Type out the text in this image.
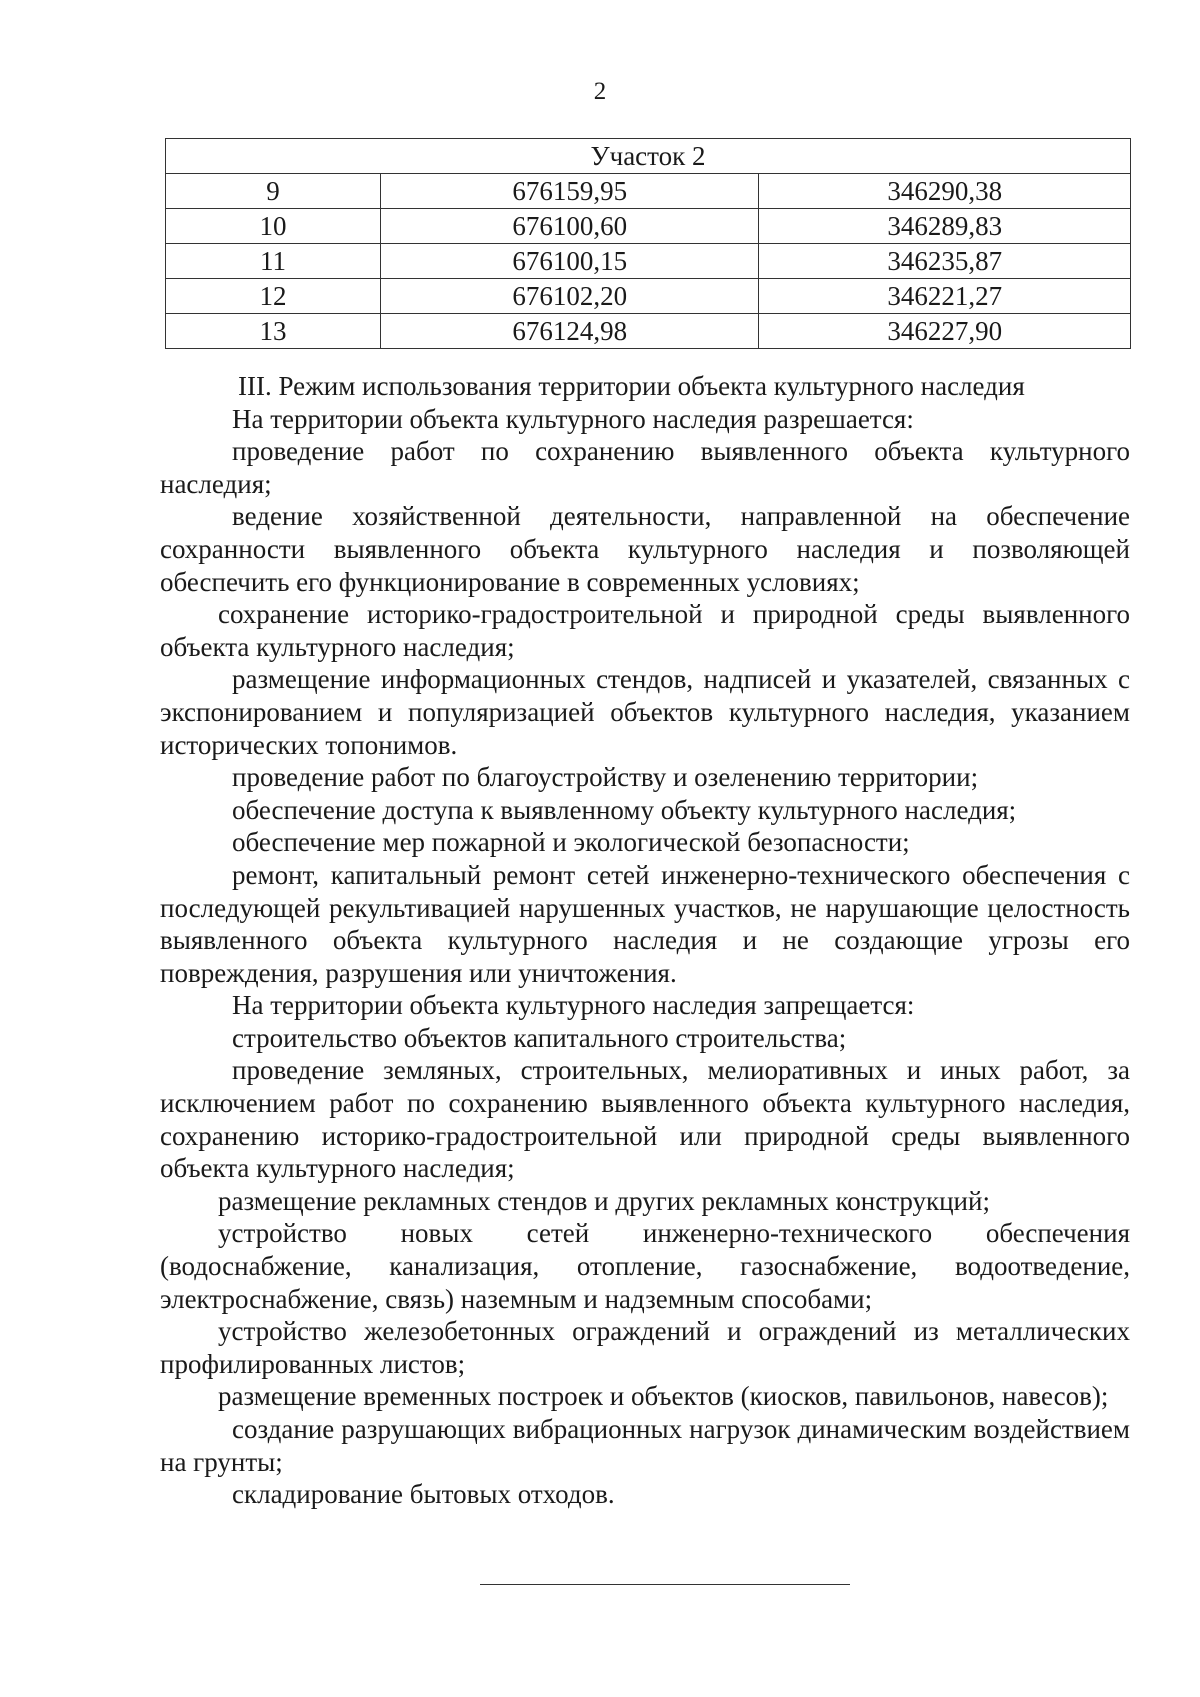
2
Участок 2		
9	676159,95	346290,38
10	676100,60	346289,83
11	676100,15	346235,87
12	676102,20	346221,27
13	676124,98	346227,90

III. Режим использования территории объекта культурного наследия

На территории объекта культурного наследия разрешается:

проведение работ по сохранению выявленного объекта культурного наследия;

ведение хозяйственной деятельности, направленной на обеспечение сохранности выявленного объекта культурного наследия и позволяющей обеспечить его функционирование в современных условиях;

сохранение историко-градостроительной и природной среды выявленного объекта культурного наследия;

размещение информационных стендов, надписей и указателей, связанных с экспонированием и популяризацией объектов культурного наследия, указанием исторических топонимов.

проведение работ по благоустройству и озеленению территории;

обеспечение доступа к выявленному объекту культурного наследия;

обеспечение мер пожарной и экологической безопасности;

ремонт, капитальный ремонт сетей инженерно-технического обеспечения с последующей рекультивацией нарушенных участков, не нарушающие целостность выявленного объекта культурного наследия и не создающие угрозы его повреждения, разрушения или уничтожения.

На территории объекта культурного наследия запрещается:

строительство объектов капитального строительства;

проведение земляных, строительных, мелиоративных и иных работ, за исключением работ по сохранению выявленного объекта культурного наследия, сохранению историко-градостроительной или природной среды выявленного объекта культурного наследия;

размещение рекламных стендов и других рекламных конструкций;

устройство новых сетей инженерно-технического обеспечения (водоснабжение, канализация, отопление, газоснабжение, водоотведение, электроснабжение, связь) наземным и надземным способами;

устройство железобетонных ограждений и ограждений из металлических профилированных листов;

размещение временных построек и объектов (киосков, павильонов, навесов);

создание разрушающих вибрационных нагрузок динамическим воздействием на грунты;

складирование бытовых отходов.
